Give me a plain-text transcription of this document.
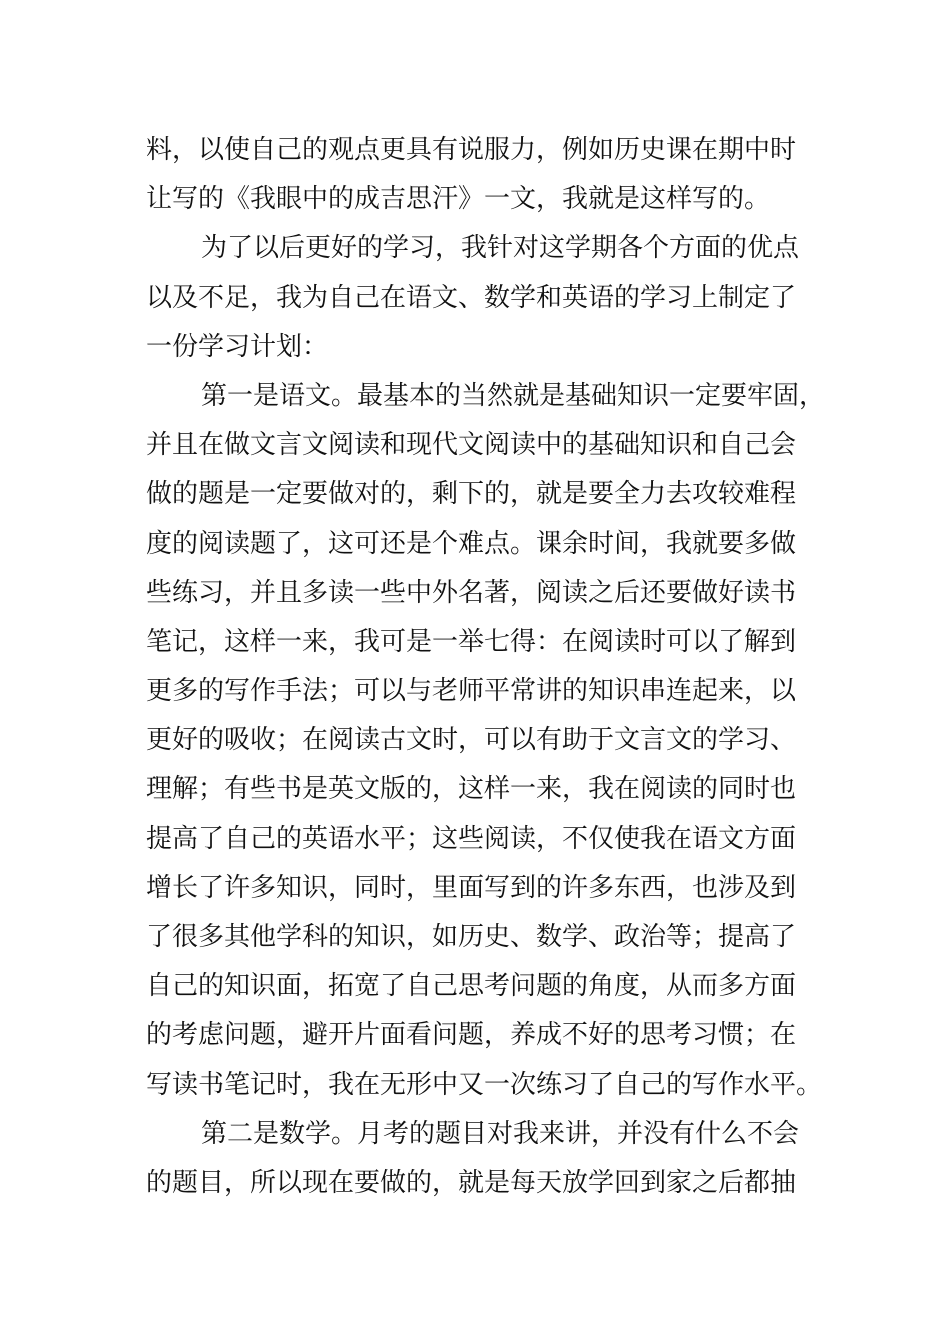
料，以使自己的观点更具有说服力，例如历史课在期中时
让写的《我眼中的成吉思汗》一文，我就是这样写的。
为了以后更好的学习，我针对这学期各个方面的优点
以及不足，我为自己在语文、数学和英语的学习上制定了
一份学习计划：
第一是语文。最基本的当然就是基础知识一定要牢固，
并且在做文言文阅读和现代文阅读中的基础知识和自己会
做的题是一定要做对的，剩下的，就是要全力去攻较难程
度的阅读题了，这可还是个难点。课余时间，我就要多做
些练习，并且多读一些中外名著，阅读之后还要做好读书
笔记，这样一来，我可是一举七得：在阅读时可以了解到
更多的写作手法；可以与老师平常讲的知识串连起来，以
更好的吸收；在阅读古文时，可以有助于文言文的学习、
理解；有些书是英文版的，这样一来，我在阅读的同时也
提高了自己的英语水平；这些阅读，不仅使我在语文方面
增长了许多知识，同时，里面写到的许多东西，也涉及到
了很多其他学科的知识，如历史、数学、政治等；提高了
自己的知识面，拓宽了自己思考问题的角度，从而多方面
的考虑问题，避开片面看问题，养成不好的思考习惯；在
写读书笔记时，我在无形中又一次练习了自己的写作水平。
第二是数学。月考的题目对我来讲，并没有什么不会
的题目，所以现在要做的，就是每天放学回到家之后都抽
